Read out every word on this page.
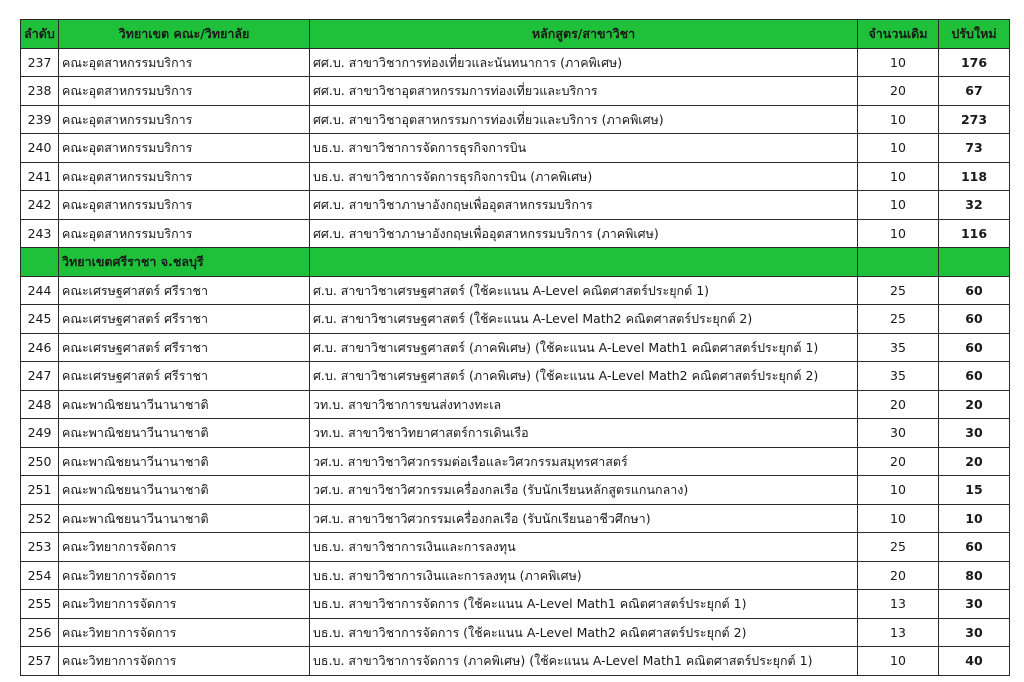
ลำดับ	วิทยาเขต คณะ/วิทยาลัย	หลักสูตร/สาขาวิชา	จำนวนเดิม	ปรับใหม่
237	คณะอุตสาหกรรมบริการ	ศศ.บ. สาขาวิชาการท่องเที่ยวและนันทนาการ (ภาคพิเศษ)	10	176
238	คณะอุตสาหกรรมบริการ	ศศ.บ. สาขาวิชาอุตสาหกรรมการท่องเที่ยวและบริการ	20	67
239	คณะอุตสาหกรรมบริการ	ศศ.บ. สาขาวิชาอุตสาหกรรมการท่องเที่ยวและบริการ (ภาคพิเศษ)	10	273
240	คณะอุตสาหกรรมบริการ	บธ.บ. สาขาวิชาการจัดการธุรกิจการบิน	10	73
241	คณะอุตสาหกรรมบริการ	บธ.บ. สาขาวิชาการจัดการธุรกิจการบิน (ภาคพิเศษ)	10	118
242	คณะอุตสาหกรรมบริการ	ศศ.บ. สาขาวิชาภาษาอังกฤษเพื่ออุตสาหกรรมบริการ	10	32
243	คณะอุตสาหกรรมบริการ	ศศ.บ. สาขาวิชาภาษาอังกฤษเพื่ออุตสาหกรรมบริการ (ภาคพิเศษ)	10	116
	วิทยาเขตศรีราชา จ.ชลบุรี			
244	คณะเศรษฐศาสตร์ ศรีราชา	ศ.บ. สาขาวิชาเศรษฐศาสตร์ (ใช้คะแนน A-Level คณิตศาสตร์ประยุกต์ 1)	25	60
245	คณะเศรษฐศาสตร์ ศรีราชา	ศ.บ. สาขาวิชาเศรษฐศาสตร์ (ใช้คะแนน A-Level Math2 คณิตศาสตร์ประยุกต์ 2)	25	60
246	คณะเศรษฐศาสตร์ ศรีราชา	ศ.บ. สาขาวิชาเศรษฐศาสตร์ (ภาคพิเศษ) (ใช้คะแนน A-Level Math1 คณิตศาสตร์ประยุกต์ 1)	35	60
247	คณะเศรษฐศาสตร์ ศรีราชา	ศ.บ. สาขาวิชาเศรษฐศาสตร์ (ภาคพิเศษ) (ใช้คะแนน A-Level Math2 คณิตศาสตร์ประยุกต์ 2)	35	60
248	คณะพาณิชยนาวีนานาชาติ	วท.บ. สาขาวิชาการขนส่งทางทะเล	20	20
249	คณะพาณิชยนาวีนานาชาติ	วท.บ. สาขาวิชาวิทยาศาสตร์การเดินเรือ	30	30
250	คณะพาณิชยนาวีนานาชาติ	วศ.บ. สาขาวิชาวิศวกรรมต่อเรือและวิศวกรรมสมุทรศาสตร์	20	20
251	คณะพาณิชยนาวีนานาชาติ	วศ.บ. สาขาวิชาวิศวกรรมเครื่องกลเรือ (รับนักเรียนหลักสูตรแกนกลาง)	10	15
252	คณะพาณิชยนาวีนานาชาติ	วศ.บ. สาขาวิชาวิศวกรรมเครื่องกลเรือ (รับนักเรียนอาชีวศึกษา)	10	10
253	คณะวิทยาการจัดการ	บธ.บ. สาขาวิชาการเงินและการลงทุน	25	60
254	คณะวิทยาการจัดการ	บธ.บ. สาขาวิชาการเงินและการลงทุน (ภาคพิเศษ)	20	80
255	คณะวิทยาการจัดการ	บธ.บ. สาขาวิชาการจัดการ (ใช้คะแนน A-Level Math1 คณิตศาสตร์ประยุกต์ 1)	13	30
256	คณะวิทยาการจัดการ	บธ.บ. สาขาวิชาการจัดการ (ใช้คะแนน A-Level Math2 คณิตศาสตร์ประยุกต์ 2)	13	30
257	คณะวิทยาการจัดการ	บธ.บ. สาขาวิชาการจัดการ (ภาคพิเศษ) (ใช้คะแนน A-Level Math1 คณิตศาสตร์ประยุกต์ 1)	10	40
